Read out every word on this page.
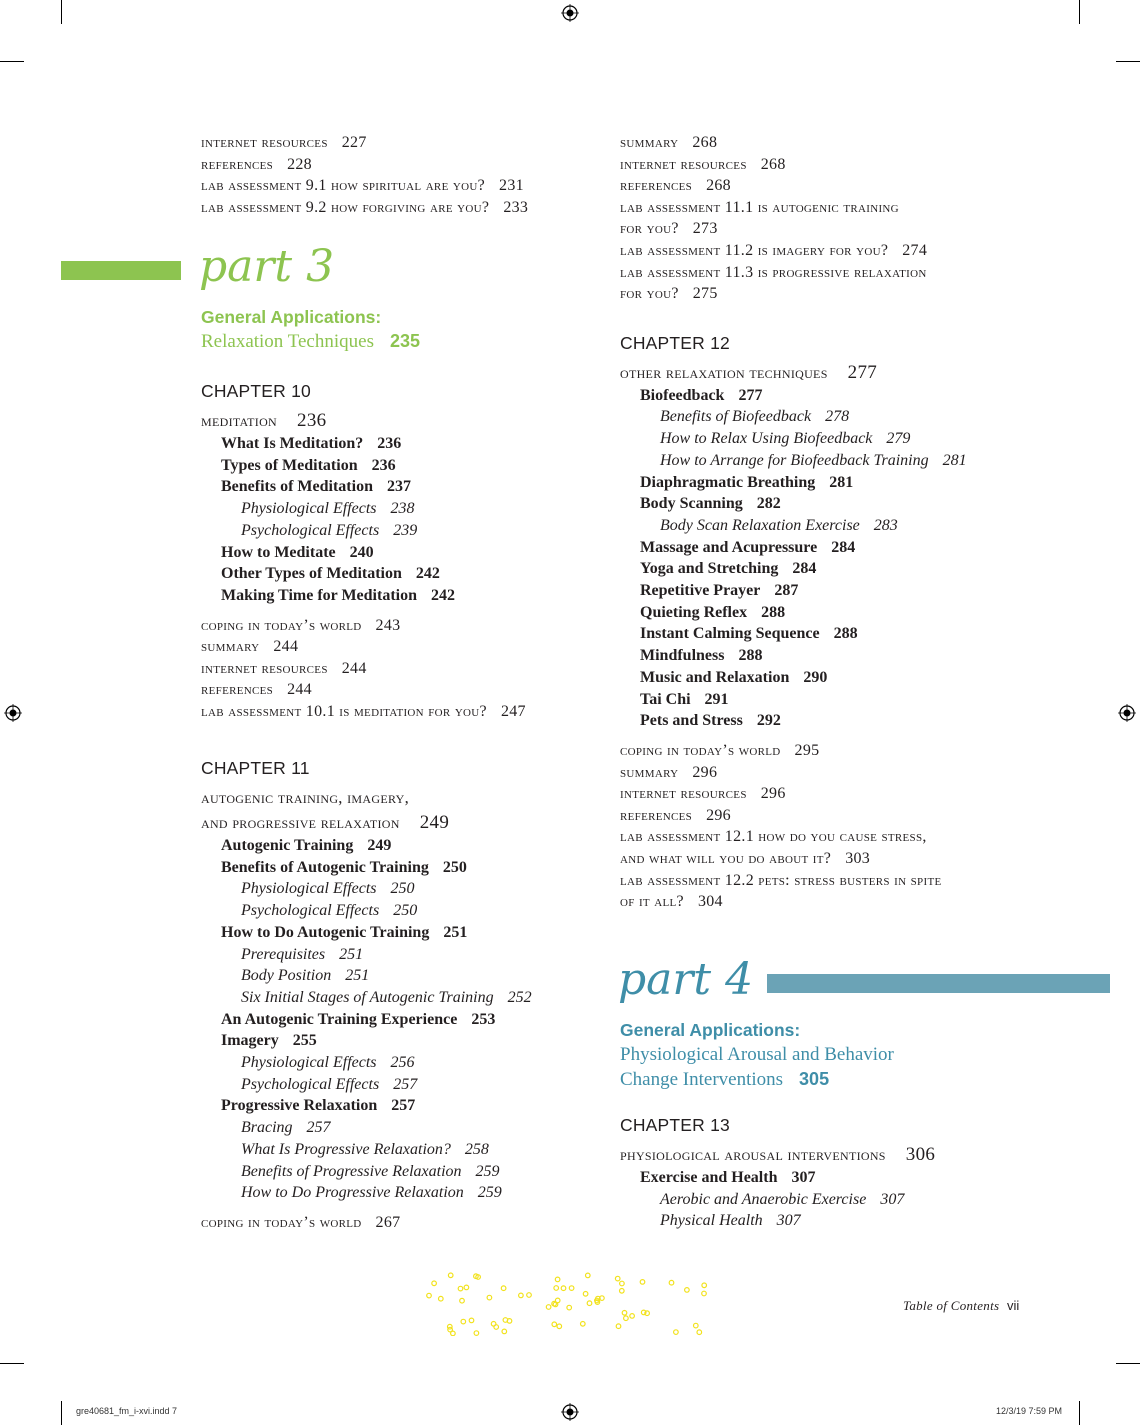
internet resources 227
references 228
lab assessment 9.1 how spiritual are you? 231
lab assessment 9.2 how forgiving are you? 233
part 3
General Applications:
Relaxation Techniques 235
CHAPTER 10
meditation 236
What Is Meditation? 236
Types of Meditation 236
Benefits of Meditation 237
Physiological Effects 238
Psychological Effects 239
How to Meditate 240
Other Types of Meditation 242
Making Time for Meditation 242
coping in today’s world 243
summary 244
internet resources 244
references 244
lab assessment 10.1 is meditation for you? 247
CHAPTER 11
autogenic training, imagery,
and progressive relaxation 249
Autogenic Training 249
Benefits of Autogenic Training 250
Physiological Effects 250
Psychological Effects 250
How to Do Autogenic Training 251
Prerequisites 251
Body Position 251
Six Initial Stages of Autogenic Training 252
An Autogenic Training Experience 253
Imagery 255
Physiological Effects 256
Psychological Effects 257
Progressive Relaxation 257
Bracing 257
What Is Progressive Relaxation? 258
Benefits of Progressive Relaxation 259
How to Do Progressive Relaxation 259
coping in today’s world 267
summary 268
internet resources 268
references 268
lab assessment 11.1 is autogenic training
for you? 273
lab assessment 11.2 is imagery for you? 274
lab assessment 11.3 is progressive relaxation
for you? 275
CHAPTER 12
other relaxation techniques 277
Biofeedback 277
Benefits of Biofeedback 278
How to Relax Using Biofeedback 279
How to Arrange for Biofeedback Training 281
Diaphragmatic Breathing 281
Body Scanning 282
Body Scan Relaxation Exercise 283
Massage and Acupressure 284
Yoga and Stretching 284
Repetitive Prayer 287
Quieting Reflex 288
Instant Calming Sequence 288
Mindfulness 288
Music and Relaxation 290
Tai Chi 291
Pets and Stress 292
coping in today’s world 295
summary 296
internet resources 296
references 296
lab assessment 12.1 how do you cause stress,
and what will you do about it? 303
lab assessment 12.2 pets: stress busters in spite
of it all? 304
part 4
General Applications:
Physiological Arousal and Behavior
Change Interventions 305
CHAPTER 13
physiological arousal interventions 306
Exercise and Health 307
Aerobic and Anaerobic Exercise 307
Physical Health 307
Table of Contents vii
gre40681_fm_i-xvi.indd 7	12/3/19 7:59 PM
